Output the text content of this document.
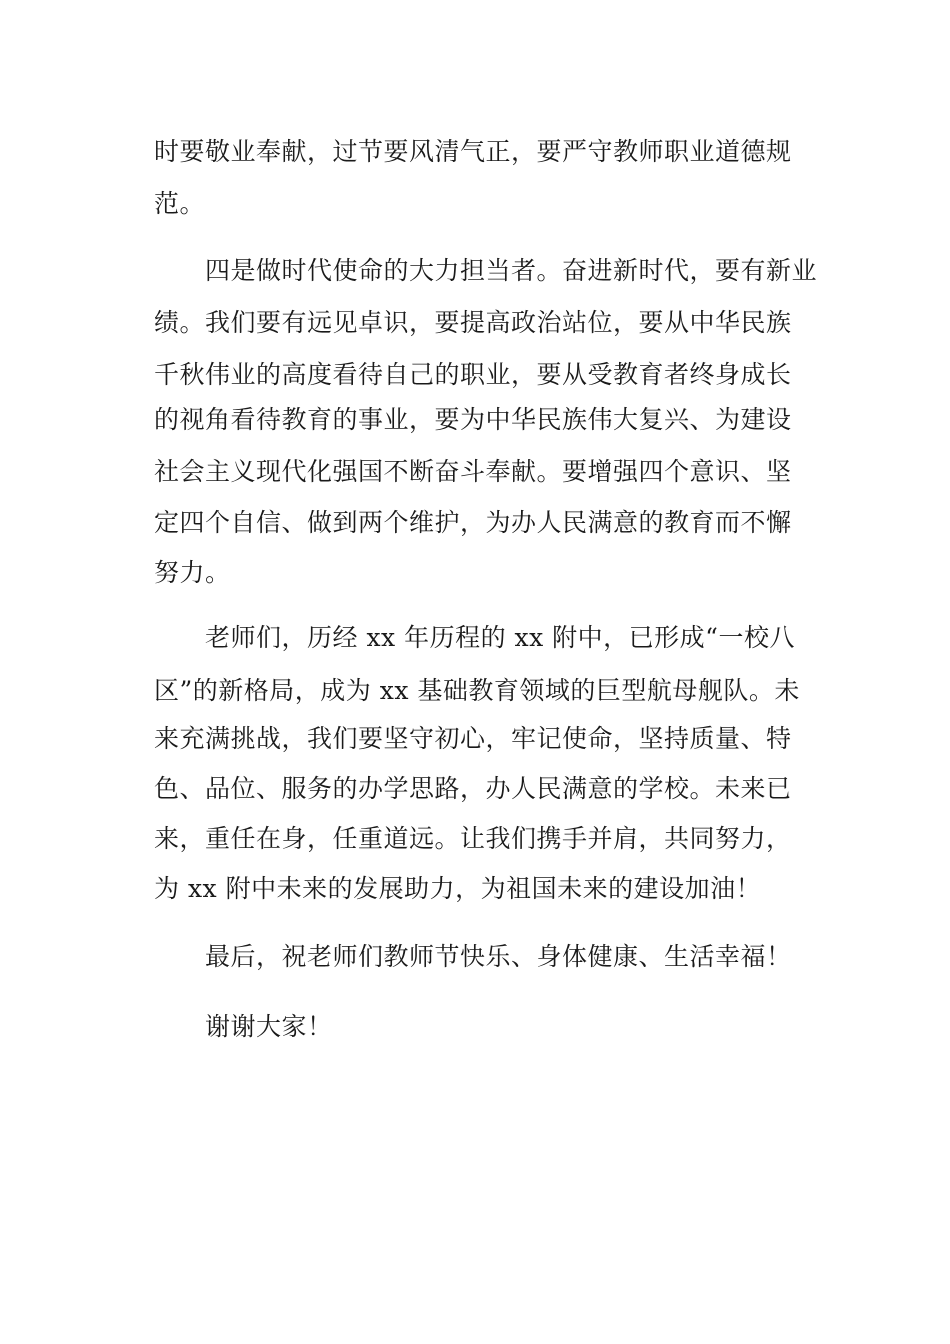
时要敬业奉献，过节要风清气正，要严守教师职业道德规
范。
　　四是做时代使命的大力担当者。奋进新时代，要有新业
绩。我们要有远见卓识，要提高政治站位，要从中华民族
千秋伟业的高度看待自己的职业，要从受教育者终身成长
的视角看待教育的事业，要为中华民族伟大复兴、为建设
社会主义现代化强国不断奋斗奉献。要增强四个意识、坚
定四个自信、做到两个维护，为办人民满意的教育而不懈
努力。
　　老师们，历经 xx 年历程的 xx 附中，已形成“一校八
区”的新格局，成为 xx 基础教育领域的巨型航母舰队。未
来充满挑战，我们要坚守初心，牢记使命，坚持质量、特
色、品位、服务的办学思路，办人民满意的学校。未来已
来，重任在身，任重道远。让我们携手并肩，共同努力，
为 xx 附中未来的发展助力，为祖国未来的建设加油！
　　最后，祝老师们教师节快乐、身体健康、生活幸福！
　　谢谢大家！
